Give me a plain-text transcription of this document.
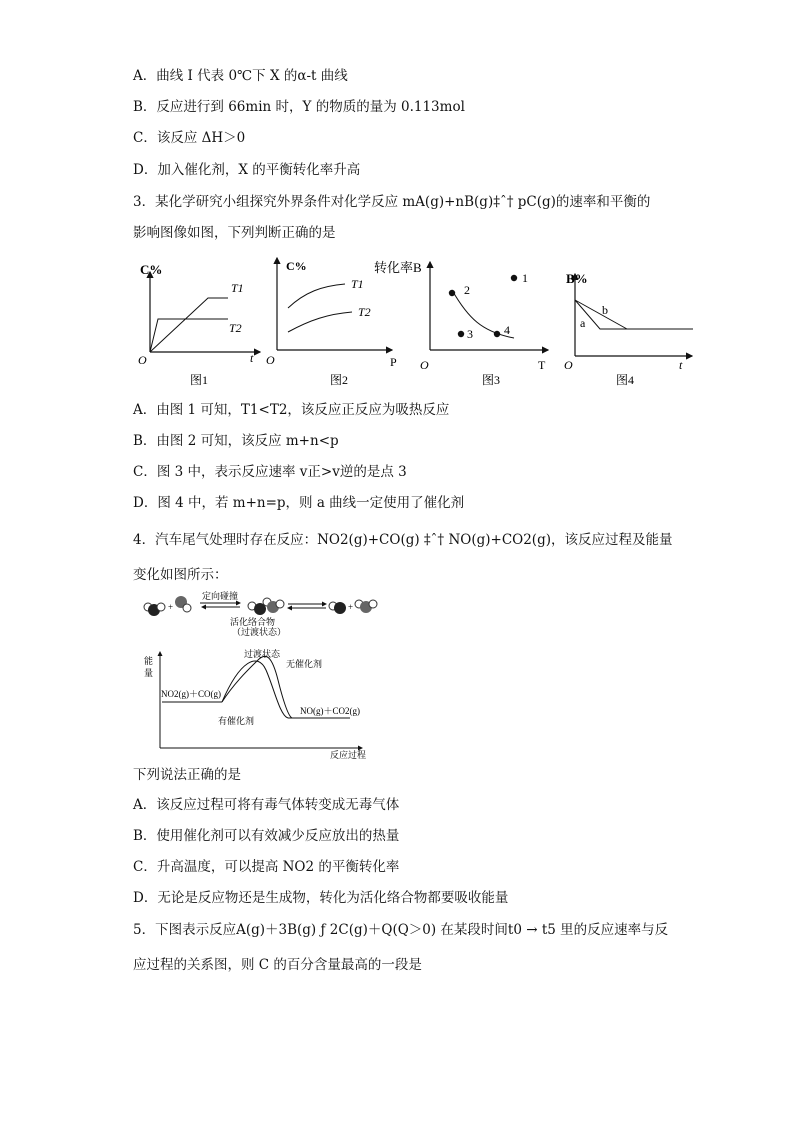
A．曲线 I 代表 0℃下 X 的α-t 曲线
B．反应进行到 66min 时，Y 的物质的量为 0.113mol
C．该反应 ΔH＞0
D．加入催化剂，X 的平衡转化率升高
3．某化学研究小组探究外界条件对化学反应 mA(g)+nB(g)‡ˆ† pC(g)的速率和平衡的
影响图像如图，下列判断正确的是
C%
T1
T2
O	t
图1
C%
T1
T2
O	P
图2
转化率B
1
2
3	4
O	T
图3
B%
a
b
O	t
图4
A．由图 1 可知，T1<T2，该反应正反应为吸热反应
B．由图 2 可知，该反应 m+n<p
C．图 3 中，表示反应速率 v正>v逆的是点 3
D．图 4 中，若 m+n=p，则 a 曲线一定使用了催化剂
4．汽车尾气处理时存在反应：NO2(g)+CO(g) ‡ˆ† NO(g)+CO2(g)，该反应过程及能量
变化如图所示：
+
定向碰撞
+
活化络合物
（过渡状态）
能
量
过渡状态
无催化剂
有催化剂
NO2(g)＋CO(g)
NO(g)＋CO2(g)
反应过程
下列说法正确的是
A．该反应过程可将有毒气体转变成无毒气体
B．使用催化剂可以有效减少反应放出的热量
C．升高温度，可以提高 NO2 的平衡转化率
D．无论是反应物还是生成物，转化为活化络合物都要吸收能量
5．下图表示反应A(g)＋3B(g) ƒ 2C(g)＋Q(Q＞0) 在某段时间t0 → t5 里的反应速率与反
应过程的关系图，则 C 的百分含量最高的一段是
